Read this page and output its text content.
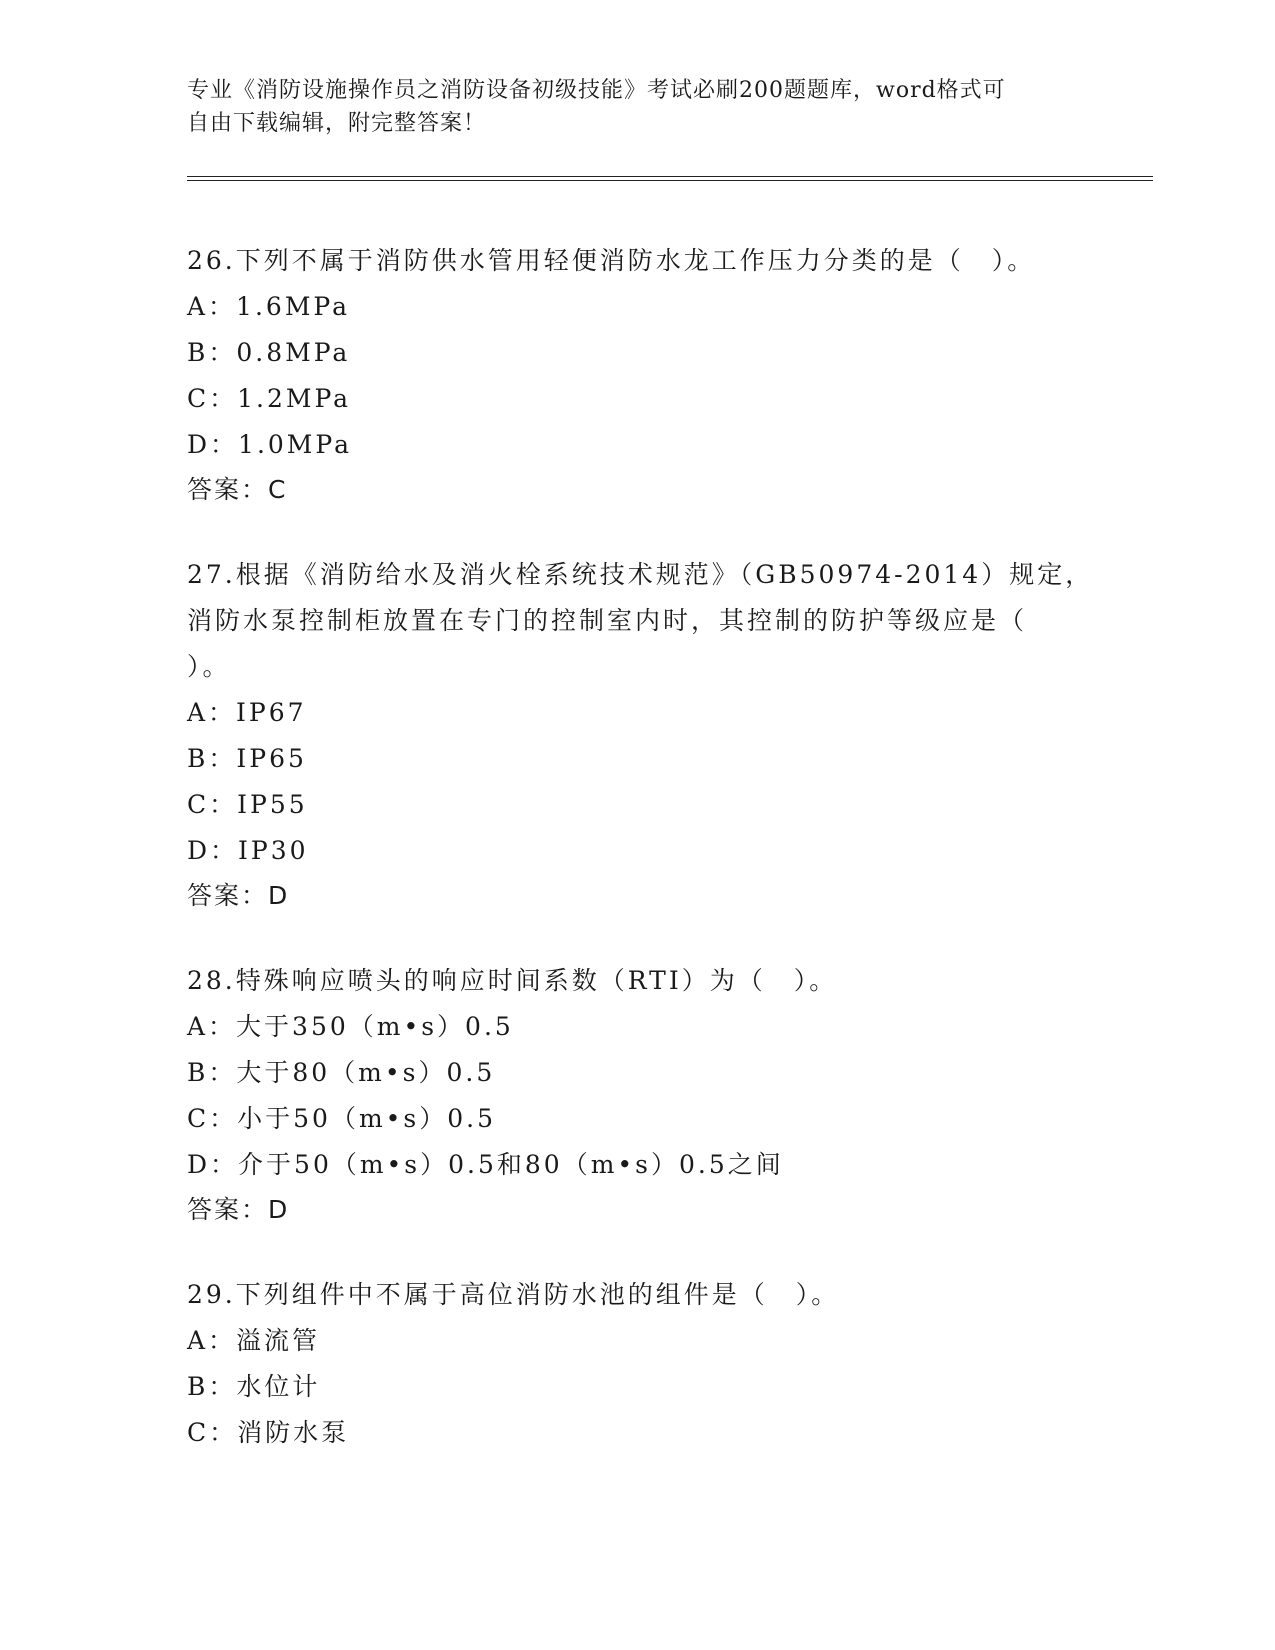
专业《消防设施操作员之消防设备初级技能》考试必刷200题题库，word格式可
自由下载编辑，附完整答案！
26.下列不属于消防供水管用轻便消防水龙工作压力分类的是（　）。
A：1.6MPa
B：0.8MPa
C：1.2MPa
D：1.0MPa
答案：C
27.根据《消防给水及消火栓系统技术规范》（GB50974-2014）规定，
消防水泵控制柜放置在专门的控制室内时，其控制的防护等级应是（
）。
A：IP67
B：IP65
C：IP55
D：IP30
答案：D
28.特殊响应喷头的响应时间系数（RTI）为（　）。
A：大于350（m•s）0.5
B：大于80（m•s）0.5
C：小于50（m•s）0.5
D：介于50（m•s）0.5和80（m•s）0.5之间
答案：D
29.下列组件中不属于高位消防水池的组件是（　）。
A：溢流管
B：水位计
C：消防水泵
